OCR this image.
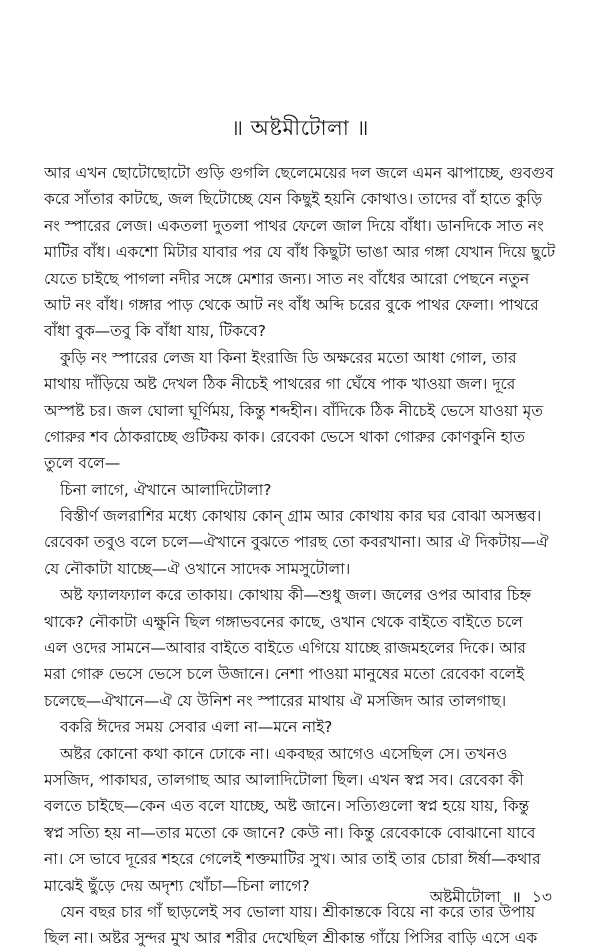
॥ অষ্টমীটোলা ॥
আর এখন ছোটোছোটো গুড়ি গুগলি ছেলেমেয়ের দল জলে এমন ঝাপাচ্ছে, গুবগুব
করে সাঁতার কাটছে, জল ছিটোচ্ছে যেন কিছুই হয়নি কোথাও। তাদের বাঁ হাতে কুড়ি
নং স্পারের লেজ। একতলা দুতলা পাথর ফেলে জাল দিয়ে বাঁধা। ডানদিকে সাত নং
মাটির বাঁধ। একশো মিটার যাবার পর যে বাঁধ কিছুটা ভাঙা আর গঙ্গা যেখান দিয়ে ছুটে
যেতে চাইছে পাগলা নদীর সঙ্গে মেশার জন্য। সাত নং বাঁধের আরো পেছনে নতুন
আট নং বাঁধ। গঙ্গার পাড় থেকে আট নং বাঁধ অব্দি চরের বুকে পাথর ফেলা। পাথরে
বাঁধা বুক—তবু কি বাঁধা যায়, টিকবে?
কুড়ি নং স্পারের লেজ যা কিনা ইংরাজি ডি অক্ষরের মতো আধা গোল, তার
মাথায় দাঁড়িয়ে অষ্ট দেখল ঠিক নীচেই পাথরের গা ঘেঁষে পাক খাওয়া জল। দূরে
অস্পষ্ট চর। জল ঘোলা ঘূর্ণিময়, কিন্তু শব্দহীন। বাঁদিকে ঠিক নীচেই ভেসে যাওয়া মৃত
গোরুর শব ঠোকরাচ্ছে গুটিকয় কাক। রেবেকা ভেসে থাকা গোরুর কোণকুনি হাত
তুলে বলে—
চিনা লাগে, ঐখানে আলাদিটোলা?
বিস্তীর্ণ জলরাশির মধ্যে কোথায় কোন্ গ্রাম আর কোথায় কার ঘর বোঝা অসম্ভব।
রেবেকা তবুও বলে চলে—ঐখানে বুঝতে পারছ তো কবরখানা। আর ঐ দিকটায়—ঐ
যে নৌকাটা যাচ্ছে—ঐ ওখানে সাদেক সামসুটোলা।
অষ্ট ফ্যালফ্যাল করে তাকায়। কোথায় কী—শুধু জল। জলের ওপর আবার চিহ্ন
থাকে? নৌকাটা এক্ষুনি ছিল গঙ্গাভবনের কাছে, ওখান থেকে বাইতে বাইতে চলে
এল ওদের সামনে—আবার বাইতে বাইতে এগিয়ে যাচ্ছে রাজমহলের দিকে। আর
মরা গোরু ভেসে ভেসে চলে উজানে। নেশা পাওয়া মানুষের মতো রেবেকা বলেই
চলেছে—ঐখানে—ঐ যে উনিশ নং স্পারের মাথায় ঐ মসজিদ আর তালগাছ।
বকরি ঈদের সময় সেবার এলা না—মনে নাই?
অষ্টর কোনো কথা কানে ঢোকে না। একবছর আগেও এসেছিল সে। তখনও
মসজিদ, পাকাঘর, তালগাছ আর আলাদিটোলা ছিল। এখন স্বপ্ন সব। রেবেকা কী
বলতে চাইছে—কেন এত বলে যাচ্ছে, অষ্ট জানে। সত্যিগুলো স্বপ্ন হয়ে যায়, কিন্তু
স্বপ্ন সত্যি হয় না—তার মতো কে জানে? কেউ না। কিন্তু রেবেকাকে বোঝানো যাবে
না। সে ভাবে দূরের শহরে গেলেই শক্তমাটির সুখ। আর তাই তার চোরা ঈর্ষা—কথার
মাঝেই ছুঁড়ে দেয় অদৃশ্য খোঁচা—চিনা লাগে?
যেন বছর চার গাঁ ছাড়লেই সব ভোলা যায়। শ্রীকান্তকে বিয়ে না করে তার উপায়
ছিল না। অষ্টর সুন্দর মুখ আর শরীর দেখেছিল শ্রীকান্ত গাঁয়ে পিসির বাড়ি এসে এক
অষ্টমীটোলা ॥ ১৩
